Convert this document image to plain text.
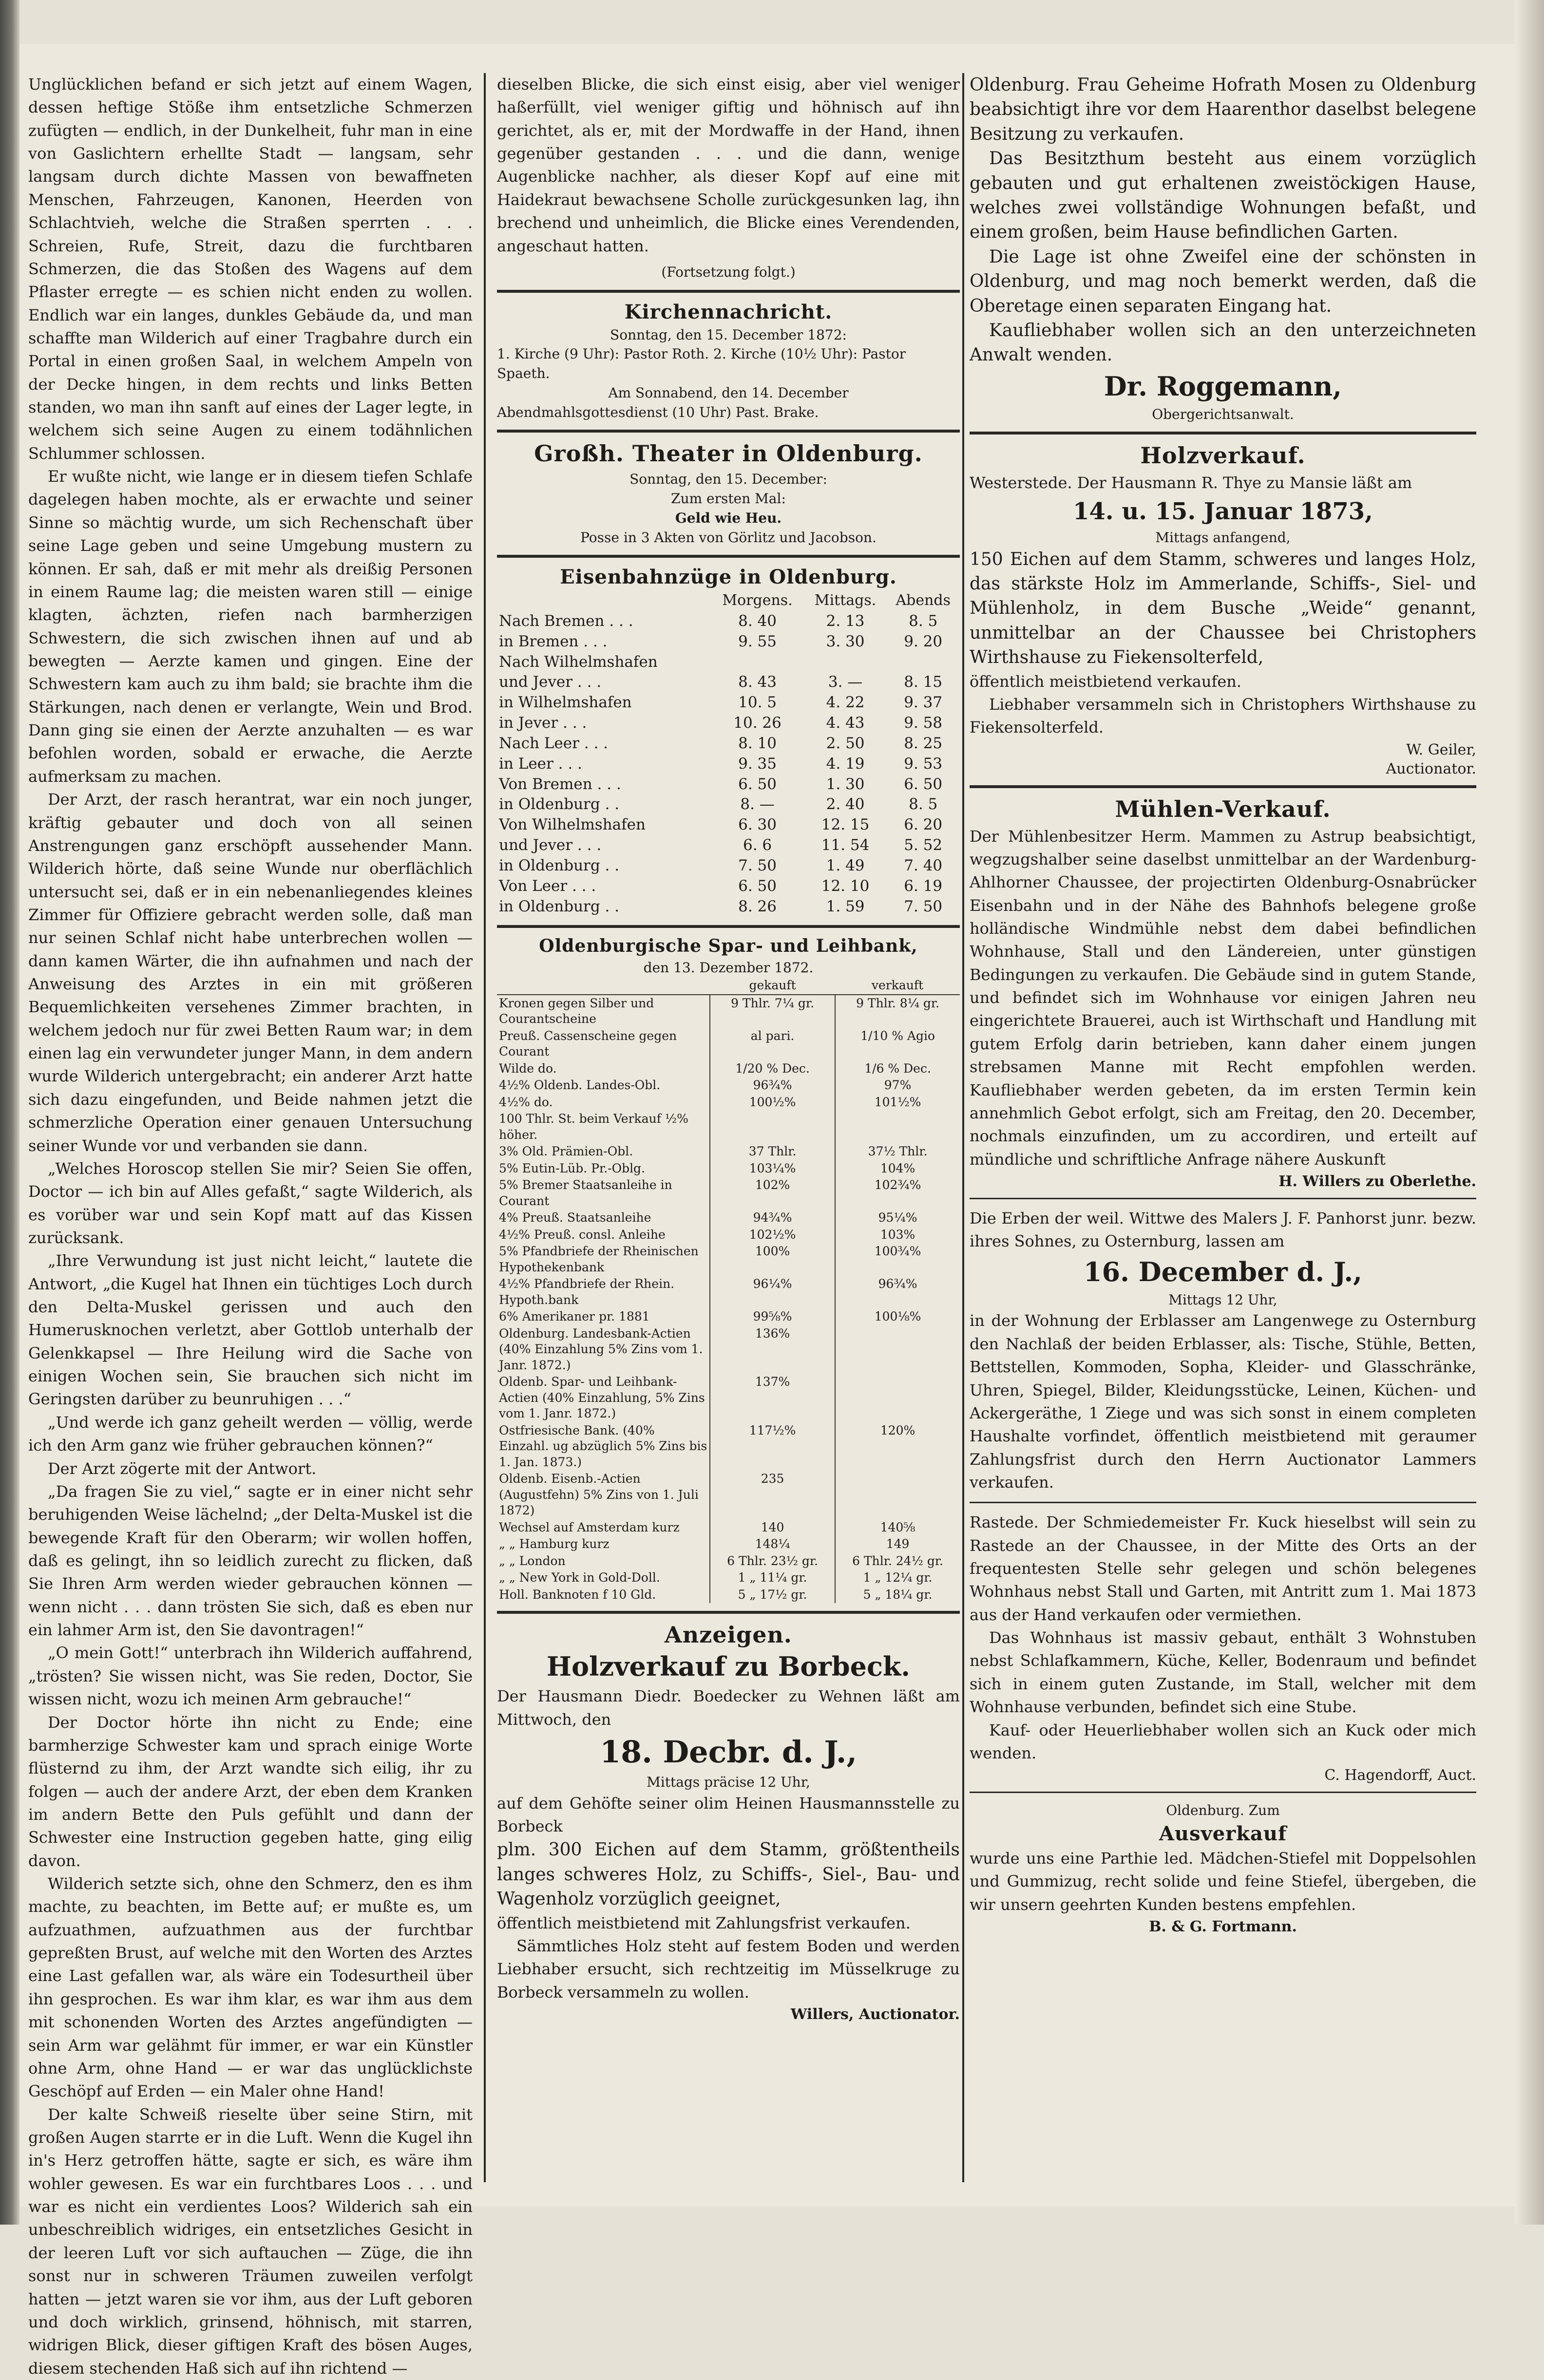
Unglücklichen befand er sich jetzt auf einem Wagen, dessen heftige Stöße ihm entsetzliche Schmerzen zufügten — endlich, in der Dunkelheit, fuhr man in eine von Gaslichtern erhellte Stadt — langsam, sehr langsam durch dichte Massen von bewaffneten Menschen, Fahrzeugen, Kanonen, Heerden von Schlachtvieh, welche die Straßen sperrten . . . Schreien, Rufe, Streit, dazu die furchtbaren Schmerzen, die das Stoßen des Wagens auf dem Pflaster erregte — es schien nicht enden zu wollen. Endlich war ein langes, dunkles Gebäude da, und man schaffte man Wilderich auf einer Tragbahre durch ein Portal in einen großen Saal, in welchem Ampeln von der Decke hingen, in dem rechts und links Betten standen, wo man ihn sanft auf eines der Lager legte, in welchem sich seine Augen zu einem todähnlichen Schlummer schlossen.

Er wußte nicht, wie lange er in diesem tiefen Schlafe dagelegen haben mochte, als er erwachte und seiner Sinne so mächtig wurde, um sich Rechenschaft über seine Lage geben und seine Umgebung mustern zu können. Er sah, daß er mit mehr als dreißig Personen in einem Raume lag; die meisten waren still — einige klagten, ächzten, riefen nach barmherzigen Schwestern, die sich zwischen ihnen auf und ab bewegten — Aerzte kamen und gingen. Eine der Schwestern kam auch zu ihm bald; sie brachte ihm die Stärkungen, nach denen er verlangte, Wein und Brod. Dann ging sie einen der Aerzte anzuhalten — es war befohlen worden, sobald er erwache, die Aerzte aufmerksam zu machen.

Der Arzt, der rasch herantrat, war ein noch junger, kräftig gebauter und doch von all seinen Anstrengungen ganz erschöpft aussehender Mann. Wilderich hörte, daß seine Wunde nur oberflächlich untersucht sei, daß er in ein nebenanliegendes kleines Zimmer für Offiziere gebracht werden solle, daß man nur seinen Schlaf nicht habe unterbrechen wollen — dann kamen Wärter, die ihn aufnahmen und nach der Anweisung des Arztes in ein mit größeren Bequemlichkeiten versehenes Zimmer brachten, in welchem jedoch nur für zwei Betten Raum war; in dem einen lag ein verwundeter junger Mann, in dem andern wurde Wilderich untergebracht; ein anderer Arzt hatte sich dazu eingefunden, und Beide nahmen jetzt die schmerzliche Operation einer genauen Untersuchung seiner Wunde vor und verbanden sie dann.

„Welches Horoscop stellen Sie mir? Seien Sie offen, Doctor — ich bin auf Alles gefaßt,“ sagte Wilderich, als es vorüber war und sein Kopf matt auf das Kissen zurücksank.

„Ihre Verwundung ist just nicht leicht,“ lautete die Antwort, „die Kugel hat Ihnen ein tüchtiges Loch durch den Delta-Muskel gerissen und auch den Humerusknochen verletzt, aber Gottlob unterhalb der Gelenkkapsel — Ihre Heilung wird die Sache von einigen Wochen sein, Sie brauchen sich nicht im Geringsten darüber zu beunruhigen . . .“

„Und werde ich ganz geheilt werden — völlig, werde ich den Arm ganz wie früher gebrauchen können?“

Der Arzt zögerte mit der Antwort.

„Da fragen Sie zu viel,“ sagte er in einer nicht sehr beruhigenden Weise lächelnd; „der Delta-Muskel ist die bewegende Kraft für den Oberarm; wir wollen hoffen, daß es gelingt, ihn so leidlich zurecht zu flicken, daß Sie Ihren Arm werden wieder gebrauchen können — wenn nicht . . . dann trösten Sie sich, daß es eben nur ein lahmer Arm ist, den Sie davontragen!“

„O mein Gott!“ unterbrach ihn Wilderich auffahrend, „trösten? Sie wissen nicht, was Sie reden, Doctor, Sie wissen nicht, wozu ich meinen Arm gebrauche!“

Der Doctor hörte ihn nicht zu Ende; eine barmherzige Schwester kam und sprach einige Worte flüsternd zu ihm, der Arzt wandte sich eilig, ihr zu folgen — auch der andere Arzt, der eben dem Kranken im andern Bette den Puls gefühlt und dann der Schwester eine Instruction gegeben hatte, ging eilig davon.

Wilderich setzte sich, ohne den Schmerz, den es ihm machte, zu beachten, im Bette auf; er mußte es, um aufzuathmen, aufzuathmen aus der furchtbar gepreßten Brust, auf welche mit den Worten des Arztes eine Last gefallen war, als wäre ein Todesurtheil über ihn gesprochen. Es war ihm klar, es war ihm aus dem mit schonenden Worten des Arztes angefündigten — sein Arm war gelähmt für immer, er war ein Künstler ohne Arm, ohne Hand — er war das unglücklichste Geschöpf auf Erden — ein Maler ohne Hand!

Der kalte Schweiß rieselte über seine Stirn, mit großen Augen starrte er in die Luft. Wenn die Kugel ihn in's Herz getroffen hätte, sagte er sich, es wäre ihm wohler gewesen. Es war ein furchtbares Loos . . . und war es nicht ein verdientes Loos? Wilderich sah ein unbeschreiblich widriges, ein entsetzliches Gesicht in der leeren Luft vor sich auftauchen — Züge, die ihn sonst nur in schweren Träumen zuweilen verfolgt hatten — jetzt waren sie vor ihm, aus der Luft geboren und doch wirklich, grinsend, höhnisch, mit starren, widrigen Blick, dieser giftigen Kraft des bösen Auges, diesem stechenden Haß sich auf ihn richtend —

dieselben Blicke, die sich einst eisig, aber viel weniger haßerfüllt, viel weniger giftig und höhnisch auf ihn gerichtet, als er, mit der Mordwaffe in der Hand, ihnen gegenüber gestanden . . . und die dann, wenige Augenblicke nachher, als dieser Kopf auf eine mit Haidekraut bewachsene Scholle zurückgesunken lag, ihn brechend und unheimlich, die Blicke eines Verendenden, angeschaut hatten.

(Fortsetzung folgt.)

Kirchennachricht.
Sonntag, den 15. December 1872:
1. Kirche (9 Uhr): Pastor Roth. 2. Kirche (10½ Uhr): Pastor Spaeth.
Am Sonnabend, den 14. December
Abendmahlsgottesdienst (10 Uhr) Past. Brake.
Großh. Theater in Oldenburg.
Sonntag, den 15. December:
Zum ersten Mal:
Geld wie Heu.
Posse in 3 Akten von Görlitz und Jacobson.
Eisenbahnzüge in Oldenburg.
	Morgens.	Mittags.	Abends
Nach Bremen . . .	8. 40	2. 13	8. 5
in Bremen . . .	9. 55	3. 30	9. 20
Nach Wilhelmshafen			
und Jever . . .	8. 43	3. —	8. 15
in Wilhelmshafen	10. 5	4. 22	9. 37
in Jever . . .	10. 26	4. 43	9. 58
Nach Leer . . .	8. 10	2. 50	8. 25
in Leer . . .	9. 35	4. 19	9. 53
Von Bremen . . .	6. 50	1. 30	6. 50
in Oldenburg . .	8. —	2. 40	8. 5
Von Wilhelmshafen	6. 30	12. 15	6. 20
und Jever . . .	6. 6	11. 54	5. 52
in Oldenburg . .	7. 50	1. 49	7. 40
Von Leer . . .	6. 50	12. 10	6. 19
in Oldenburg . .	8. 26	1. 59	7. 50
Oldenburgische Spar- und Leihbank,
den 13. Dezember 1872.
	gekauft	verkauft
Kronen gegen Silber und Courantscheine	9 Thlr. 7¼ gr.	9 Thlr. 8¼ gr.
Preuß. Cassenscheine gegen Courant	al pari.	1/10 % Agio
Wilde do.	1/20 % Dec.	1/6 % Dec.
4½% Oldenb. Landes-Obl.	96¾%	97%
4½% do.	100½%	101½%
100 Thlr. St. beim Verkauf ½% höher.		
3% Old. Prämien-Obl.	37 Thlr.	37½ Thlr.
5% Eutin-Lüb. Pr.-Oblg.	103¼%	104%
5% Bremer Staatsanleihe in Courant	102%	102¾%
4% Preuß. Staatsanleihe	94¾%	95¼%
4½% Preuß. consl. Anleihe	102½%	103%
5% Pfandbriefe der Rheinischen Hypothekenbank	100%	100¾%
4½% Pfandbriefe der Rhein. Hypoth.bank	96¼%	96¾%
6% Amerikaner pr. 1881	99⅝%	100⅛%
Oldenburg. Landesbank-Actien (40% Einzahlung 5% Zins vom 1. Janr. 1872.)	136%	
Oldenb. Spar- und Leihbank-Actien (40% Einzahlung, 5% Zins vom 1. Janr. 1872.)	137%	
Ostfriesische Bank. (40% Einzahl. ug abzüglich 5% Zins bis 1. Jan. 1873.)	117½%	120%
Oldenb. Eisenb.-Actien (Augustfehn) 5% Zins von 1. Juli 1872)	235	
Wechsel auf Amsterdam kurz	140	140⅝
„ „ Hamburg kurz	148¼	149
„ „ London	6 Thlr. 23½ gr.	6 Thlr. 24½ gr.
„ „ New York in Gold-Doll.	1 „ 11¼ gr.	1 „ 12¼ gr.
Holl. Banknoten f 10 Gld.	5 „ 17½ gr.	5 „ 18¼ gr.
Anzeigen.
Holzverkauf zu Borbeck.

Der Hausmann Diedr. Boedecker zu Wehnen läßt am Mittwoch, den

18. Decbr. d. J.,
Mittags präcise 12 Uhr,

auf dem Gehöfte seiner olim Heinen Hausmannsstelle zu Borbeck

plm. 300 Eichen auf dem Stamm, größtentheils langes schweres Holz, zu Schiffs-, Siel-, Bau- und Wagenholz vorzüglich geeignet,

öffentlich meistbietend mit Zahlungsfrist verkaufen.

Sämmtliches Holz steht auf festem Boden und werden Liebhaber ersucht, sich rechtzeitig im Müsselkruge zu Borbeck versammeln zu wollen.

Willers, Auctionator.

Oldenburg. Frau Geheime Hofrath Mosen zu Oldenburg beabsichtigt ihre vor dem Haarenthor daselbst belegene Besitzung zu verkaufen.

Das Besitzthum besteht aus einem vorzüglich gebauten und gut erhaltenen zweistöckigen Hause, welches zwei vollständige Wohnungen befaßt, und einem großen, beim Hause befindlichen Garten.

Die Lage ist ohne Zweifel eine der schönsten in Oldenburg, und mag noch bemerkt werden, daß die Oberetage einen separaten Eingang hat.

Kaufliebhaber wollen sich an den unterzeichneten Anwalt wenden.

Dr. Roggemann,
Obergerichtsanwalt.
Holzverkauf.

Westerstede. Der Hausmann R. Thye zu Mansie läßt am

14. u. 15. Januar 1873,
Mittags anfangend,

150 Eichen auf dem Stamm, schweres und langes Holz, das stärkste Holz im Ammerlande, Schiffs-, Siel- und Mühlenholz, in dem Busche „Weide“ genannt, unmittelbar an der Chaussee bei Christophers Wirthshause zu Fiekensolterfeld,

öffentlich meistbietend verkaufen.

Liebhaber versammeln sich in Christophers Wirthshause zu Fiekensolterfeld.

W. Geiler,
Auctionator.
Mühlen-Verkauf.

Der Mühlenbesitzer Herm. Mammen zu Astrup beabsichtigt, wegzugshalber seine daselbst unmittelbar an der Wardenburg-Ahlhorner Chaussee, der projectirten Oldenburg-Osnabrücker Eisenbahn und in der Nähe des Bahnhofs belegene große holländische Windmühle nebst dem dabei befindlichen Wohnhause, Stall und den Ländereien, unter günstigen Bedingungen zu verkaufen. Die Gebäude sind in gutem Stande, und befindet sich im Wohnhause vor einigen Jahren neu eingerichtete Brauerei, auch ist Wirthschaft und Handlung mit gutem Erfolg darin betrieben, kann daher einem jungen strebsamen Manne mit Recht empfohlen werden. Kaufliebhaber werden gebeten, da im ersten Termin kein annehmlich Gebot erfolgt, sich am Freitag, den 20. December, nochmals einzufinden, um zu accordiren, und erteilt auf mündliche und schriftliche Anfrage nähere Auskunft

H. Willers zu Oberlethe.

Die Erben der weil. Wittwe des Malers J. F. Panhorst junr. bezw. ihres Sohnes, zu Osternburg, lassen am

16. December d. J.,
Mittags 12 Uhr,

in der Wohnung der Erblasser am Langenwege zu Osternburg den Nachlaß der beiden Erblasser, als: Tische, Stühle, Betten, Bettstellen, Kommoden, Sopha, Kleider- und Glasschränke, Uhren, Spiegel, Bilder, Kleidungsstücke, Leinen, Küchen- und Ackergeräthe, 1 Ziege und was sich sonst in einem completen Haushalte vorfindet, öffentlich meistbietend mit geraumer Zahlungsfrist durch den Herrn Auctionator Lammers verkaufen.

Rastede. Der Schmiedemeister Fr. Kuck hieselbst will sein zu Rastede an der Chaussee, in der Mitte des Orts an der frequentesten Stelle sehr gelegen und schön belegenes Wohnhaus nebst Stall und Garten, mit Antritt zum 1. Mai 1873 aus der Hand verkaufen oder vermiethen.

Das Wohnhaus ist massiv gebaut, enthält 3 Wohnstuben nebst Schlafkammern, Küche, Keller, Bodenraum und befindet sich in einem guten Zustande, im Stall, welcher mit dem Wohnhause verbunden, befindet sich eine Stube.

Kauf- oder Heuerliebhaber wollen sich an Kuck oder mich wenden.

C. Hagendorff, Auct.
Oldenburg. Zum
Ausverkauf

wurde uns eine Parthie led. Mädchen-Stiefel mit Doppelsohlen und Gummizug, recht solide und feine Stiefel, übergeben, die wir unsern geehrten Kunden bestens empfehlen.

B. & G. Fortmann.
